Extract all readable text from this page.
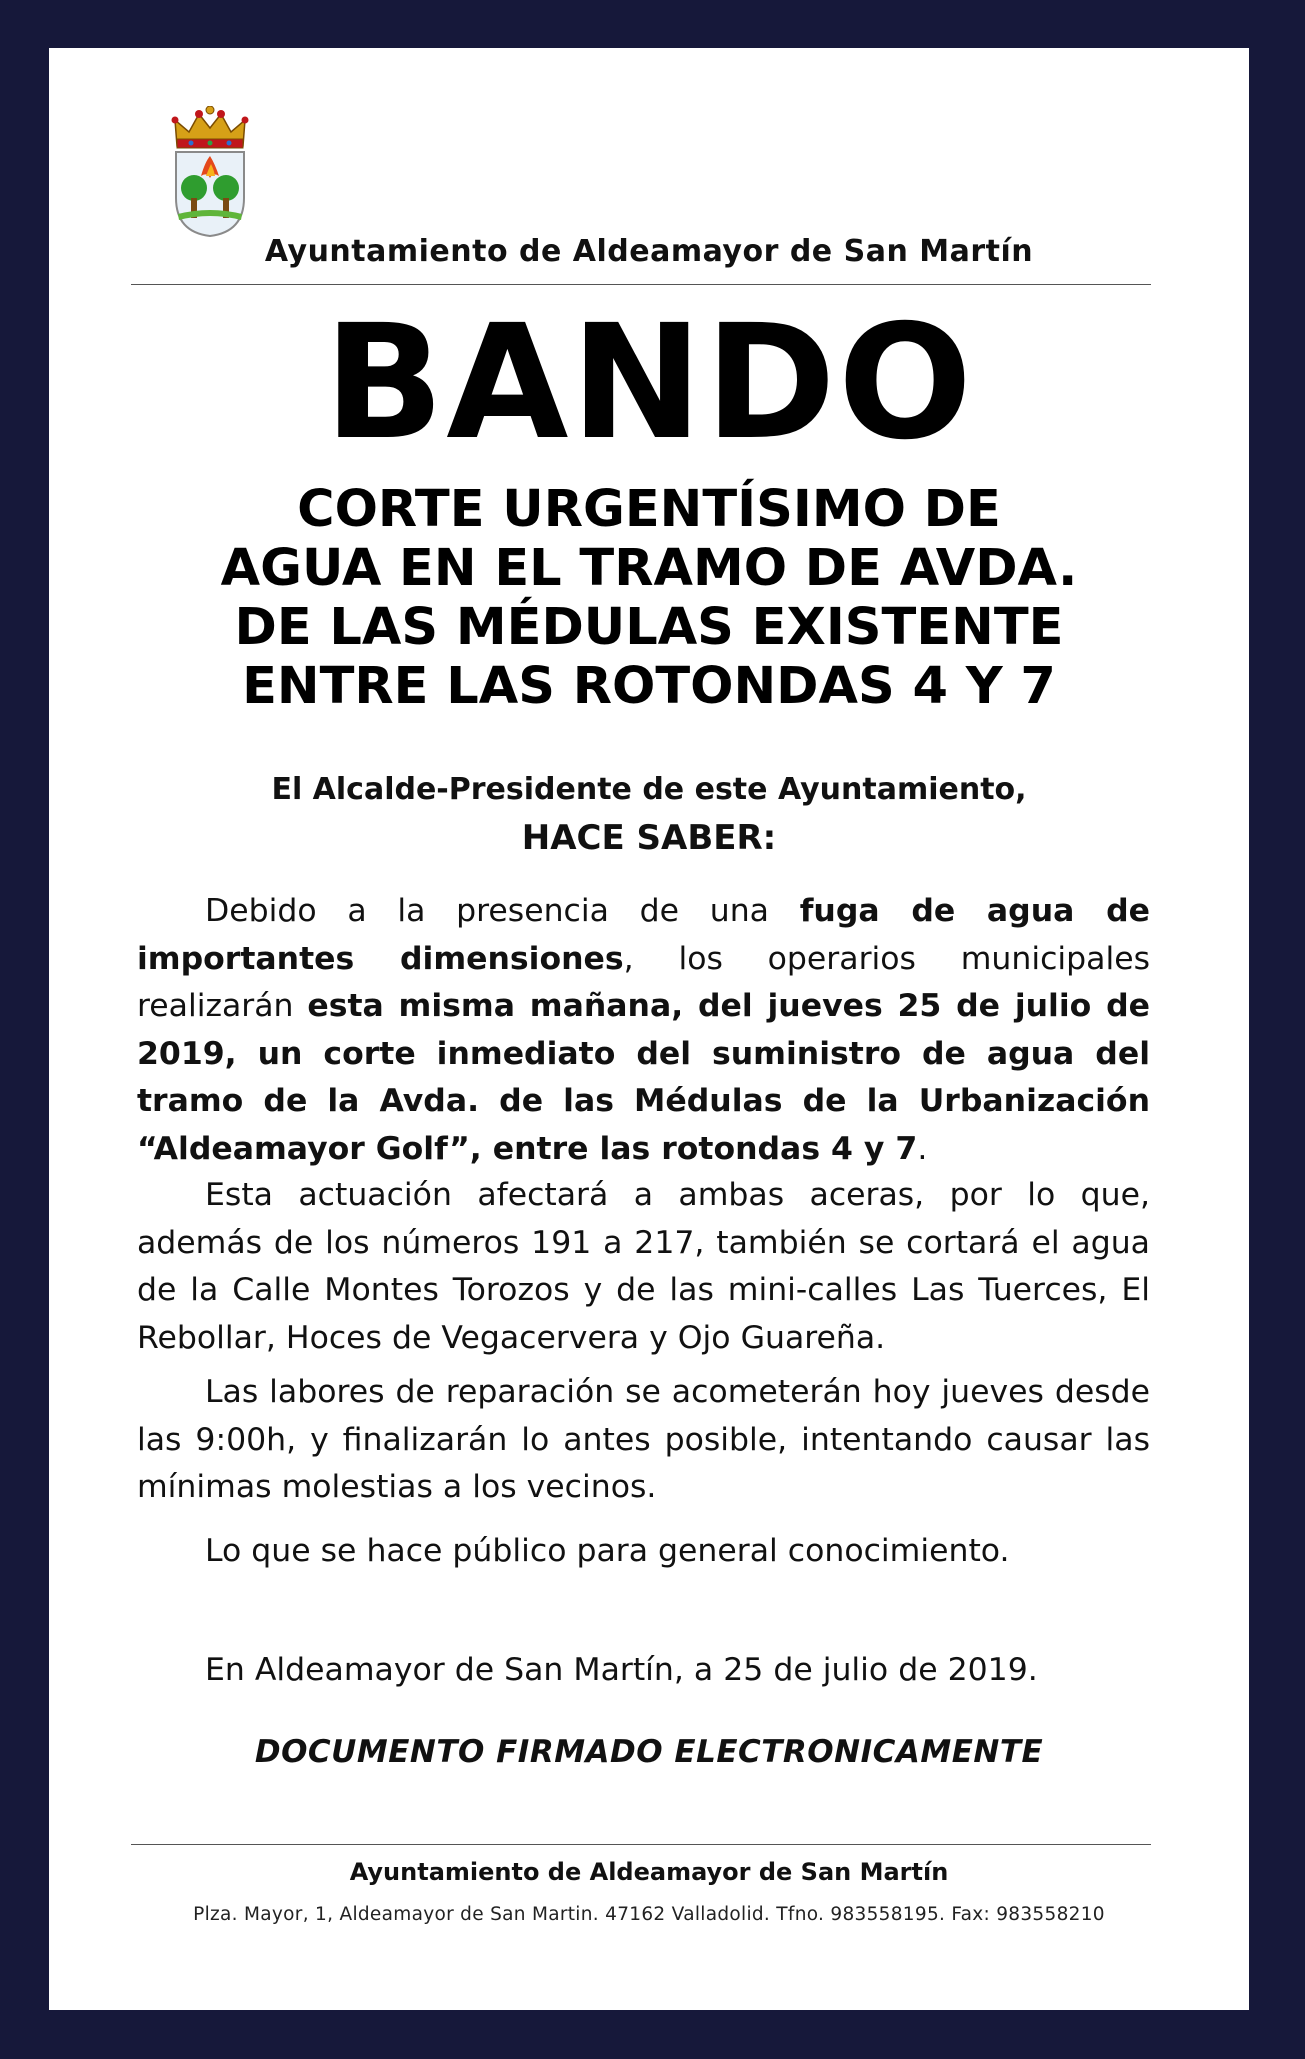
Ayuntamiento de Aldeamayor de San Martín
BANDO
CORTE URGENTÍSIMO DE
AGUA EN EL TRAMO DE AVDA.
DE LAS MÉDULAS EXISTENTE
ENTRE LAS ROTONDAS 4 Y 7
El Alcalde-Presidente de este Ayuntamiento,
HACE SABER:
Debido a la presencia de una fuga de agua de importantes dimensiones, los operarios municipales realizarán esta misma mañana, del jueves 25 de julio de 2019, un corte inmediato del suministro de agua del tramo de la Avda. de las Médulas de la Urbanización “Aldeamayor Golf”, entre las rotondas 4 y 7.
Esta actuación afectará a ambas aceras, por lo que, además de los números 191 a 217, también se cortará el agua de la Calle Montes Torozos y de las mini-calles Las Tuerces, El Rebollar, Hoces de Vegacervera y Ojo Guareña.
Las labores de reparación se acometerán hoy jueves desde las 9:00h, y finalizarán lo antes posible, intentando causar las mínimas molestias a los vecinos.
Lo que se hace público para general conocimiento.
En Aldeamayor de San Martín, a 25 de julio de 2019.
DOCUMENTO FIRMADO ELECTRONICAMENTE
Ayuntamiento de Aldeamayor de San Martín
Plza. Mayor, 1, Aldeamayor de San Martin. 47162 Valladolid. Tfno. 983558195. Fax: 983558210
